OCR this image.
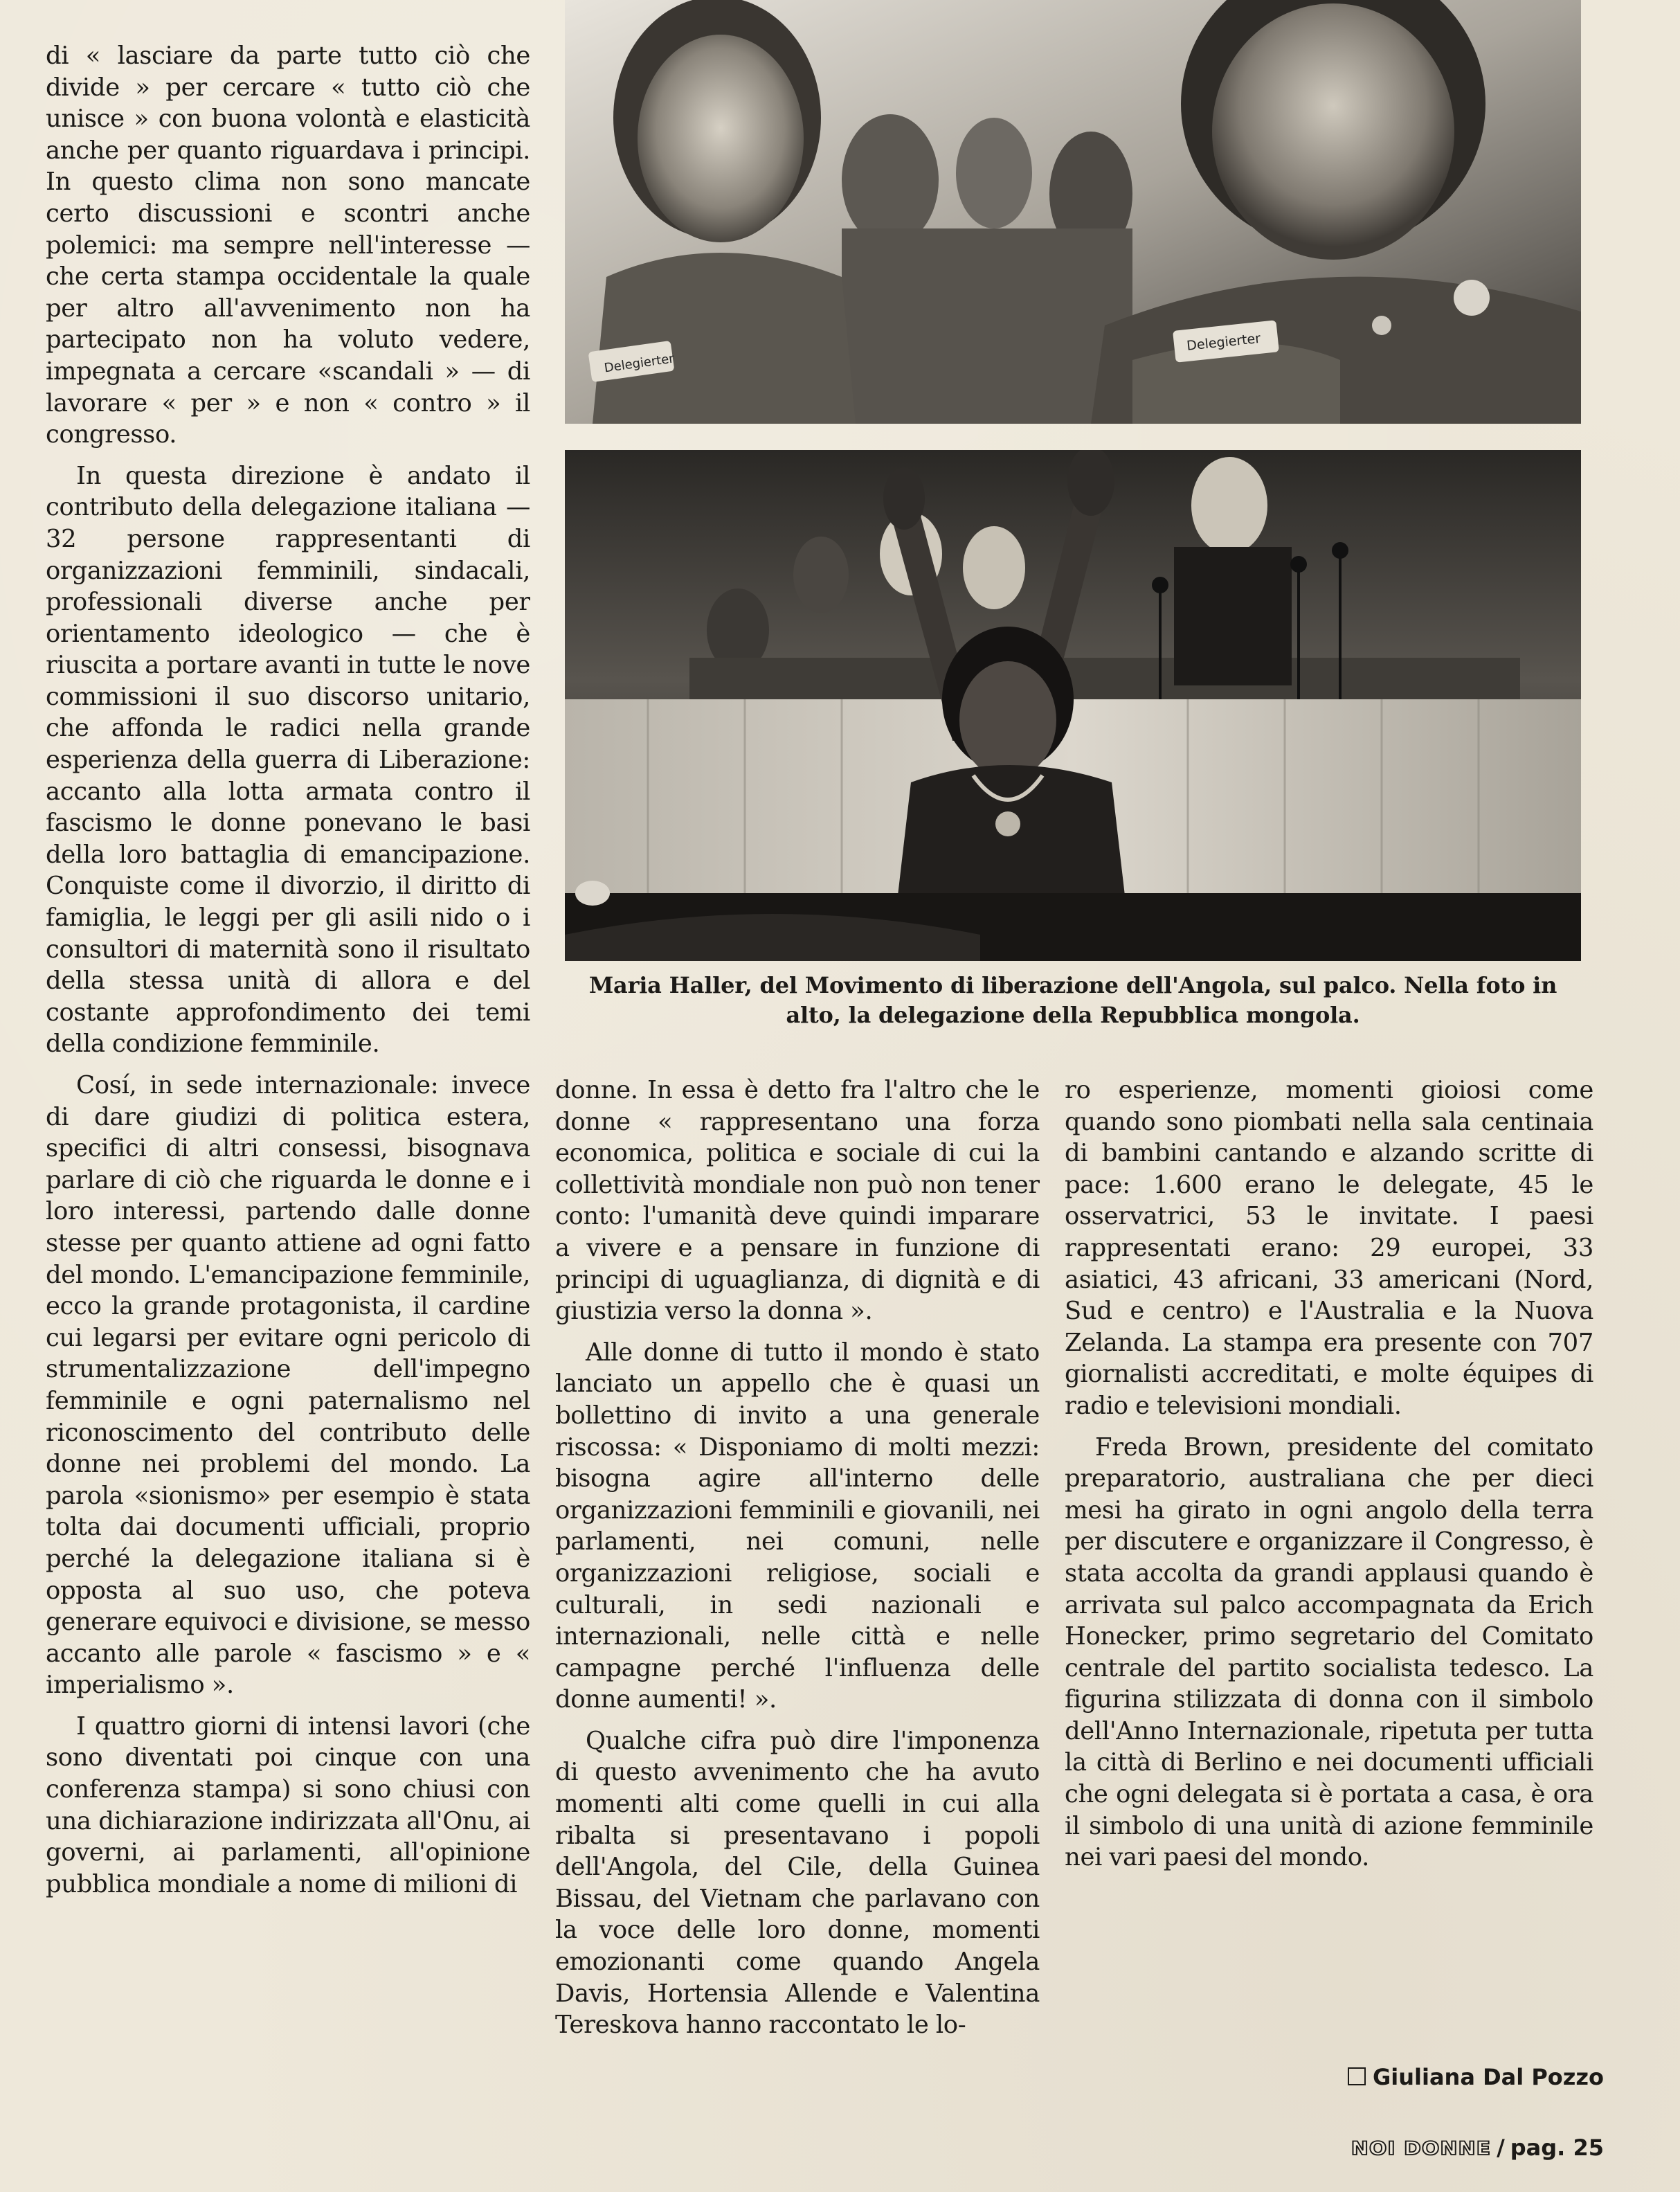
di « lasciare da parte tutto ciò che divide » per cercare « tutto ciò che unisce » con buona volontà e elasticità anche per quanto riguardava i principi. In questo clima non sono mancate certo discussioni e scontri anche polemici: ma sempre nell'interesse — che certa stampa occidentale la quale per altro all'avvenimento non ha partecipato non ha voluto vedere, impegnata a cercare «scandali » — di lavorare « per » e non « contro » il congresso.

In questa direzione è andato il contributo della delegazione italiana — 32 persone rappresentanti di organizzazioni femminili, sindacali, professionali diverse anche per orientamento ideologico — che è riuscita a portare avanti in tutte le nove commissioni il suo discorso unitario, che affonda le radici nella grande esperienza della guerra di Liberazione: accanto alla lotta armata contro il fascismo le donne ponevano le basi della loro battaglia di emancipazione. Conquiste come il divorzio, il diritto di famiglia, le leggi per gli asili nido o i consultori di maternità sono il risultato della stessa unità di allora e del costante approfondimento dei temi della condizione femminile.

Cosí, in sede internazionale: invece di dare giudizi di politica estera, specifici di altri consessi, bisognava parlare di ciò che riguarda le donne e i loro interessi, partendo dalle donne stesse per quanto attiene ad ogni fatto del mondo. L'emancipazione femminile, ecco la grande protagonista, il cardine cui legarsi per evitare ogni pericolo di strumentalizzazione dell'impegno femminile e ogni paternalismo nel riconoscimento del contributo delle donne nei problemi del mondo. La parola «sionismo» per esempio è stata tolta dai documenti ufficiali, proprio perché la delegazione italiana si è opposta al suo uso, che poteva generare equivoci e divisione, se messo accanto alle parole « fascismo » e « imperialismo ».

I quattro giorni di intensi lavori (che sono diventati poi cinque con una conferenza stampa) si sono chiusi con una dichiarazione indirizzata all'Onu, ai governi, ai parlamenti, all'opinione pubblica mondiale a nome di milioni di

Delegierter
Delegierter
Maria Haller, del Movimento di liberazione dell'Angola, sul palco. Nella foto in alto, la delegazione della Repubblica mongola.

donne. In essa è detto fra l'altro che le donne « rappresentano una forza economica, politica e sociale di cui la collettività mondiale non può non tener conto: l'umanità deve quindi imparare a vivere e a pensare in funzione di principi di uguaglianza, di dignità e di giustizia verso la donna ».

Alle donne di tutto il mondo è stato lanciato un appello che è quasi un bollettino di invito a una generale riscossa: « Disponiamo di molti mezzi: bisogna agire all'interno delle organizzazioni femminili e giovanili, nei parlamenti, nei comuni, nelle organizzazioni religiose, sociali e culturali, in sedi nazionali e internazionali, nelle città e nelle campagne perché l'influenza delle donne aumenti! ».

Qualche cifra può dire l'imponenza di questo avvenimento che ha avuto momenti alti come quelli in cui alla ribalta si presentavano i popoli dell'Angola, del Cile, della Guinea Bissau, del Vietnam che parlavano con la voce delle loro donne, momenti emozionanti come quando Angela Davis, Hortensia Allende e Valentina Tereskova hanno raccontato le lo-

ro esperienze, momenti gioiosi come quando sono piombati nella sala centinaia di bambini cantando e alzando scritte di pace: 1.600 erano le delegate, 45 le osservatrici, 53 le invitate. I paesi rappresentati erano: 29 europei, 33 asiatici, 43 africani, 33 americani (Nord, Sud e centro) e l'Australia e la Nuova Zelanda. La stampa era presente con 707 giornalisti accreditati, e molte équipes di radio e televisioni mondiali.

Freda Brown, presidente del comitato preparatorio, australiana che per dieci mesi ha girato in ogni angolo della terra per discutere e organizzare il Congresso, è stata accolta da grandi applausi quando è arrivata sul palco accompagnata da Erich Honecker, primo segretario del Comitato centrale del partito socialista tedesco. La figurina stilizzata di donna con il simbolo dell'Anno Internazionale, ripetuta per tutta la città di Berlino e nei documenti ufficiali che ogni delegata si è portata a casa, è ora il simbolo di una unità di azione femminile nei vari paesi del mondo.

Giuliana Dal Pozzo
NOI DONNE / pag. 25
